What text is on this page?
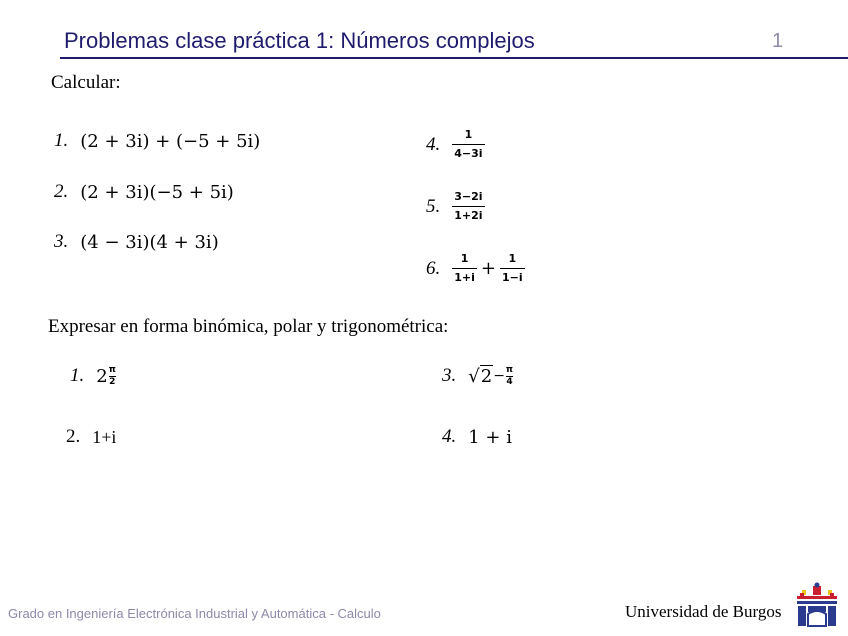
Problemas clase práctica 1: Números complejos	1
Calcular:
1. (2 + 3i) + (−5 + 5i)
2. (2 + 3i)(−5 + 5i)
3. (4 − 3i)(4 + 3i)
4. $\frac{1}{4-3i}$
5. $\frac{3-2i}{1+2i}$
6. $\frac{1}{1+i} + \frac{1}{1-i}$
Expresar en forma binómica, polar y trigonométrica:
1. $2 \frac{\pi}{2}$
2. 1+i
3. $√2 - \frac{\pi}{4}$
4. 1 + i
Grado en Ingeniería Electrónica Industrial y Automática - Calculo	Universidad de Burgos
